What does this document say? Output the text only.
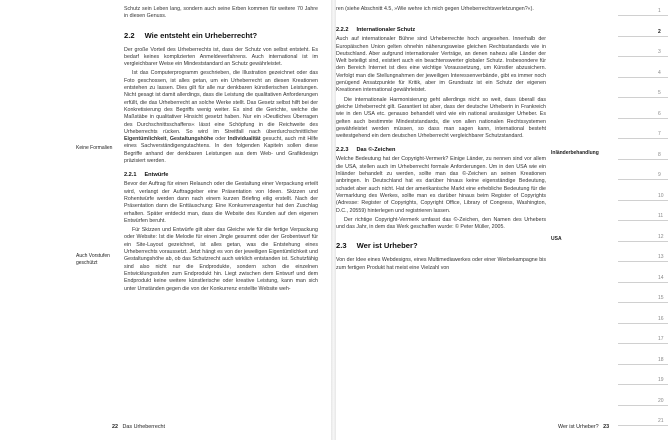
Keine Formalien
Auch Vorstufen geschützt

Schutz sein Leben lang, sondern auch seine Erben kommen für weitere 70 Jahre in diesen Genuss.

2.2 Wie entsteht ein Urheberrecht?

Der große Vorteil des Urheberrechts ist, dass der Schutz von selbst entsteht. Es bedarf keines komplizierten Anmeldeverfahrens. Auch international ist im vergleichbarer Weise ein Mindeststandard an Schutz gewährleistet.

Ist das Computerprogramm geschrieben, die Illustration gezeichnet oder das Foto geschossen, ist alles getan, um ein Urheberrecht an diesen Kreationen entstehen zu lassen. Dies gilt für alle nur denkbaren künstlerischen Leistungen. Nicht gesagt ist damit allerdings, dass die Leistung die qualitativen Anforderungen erfüllt, die das Urheberrecht an solche Werke stellt. Das Gesetz selbst hilft bei der Konkretisierung des Begriffs wenig weiter. Es sind die Gerichte, welche die Maßstäbe in qualitativer Hinsicht gesetzt haben. Nur ein »Deutliches Überragen des Durchschnittsschaffens« lässt eine Schöpfung in die Reichweite des Urheberrechts rücken. So wird im Streitfall nach überdurchschnittlicher Eigentümlichkeit, Gestaltungshöhe oder Individualität gesucht, auch mit Hilfe eines Sachverständigengutachtens. In den folgenden Kapiteln sollen diese Begriffe anhand der denkbaren Leistungen aus dem Web- und Grafikdesign präzisiert werden.

2.2.1 Entwürfe

Bevor der Auftrag für einen Relaunch oder die Gestaltung einer Verpackung erteilt wird, verlangt der Auftraggeber eine Präsentation von Ideen. Skizzen und Rohentwürfe werden dann nach einem kurzen Briefing eilig erstellt. Nach der Präsentation dann die Enttäuschung: Eine Konkurrenzagentur hat den Zuschlag erhalten. Später entdeckt man, dass die Website des Kunden auf den eigenen Entwürfen beruht.

Für Skizzen und Entwürfe gilt aber das Gleiche wie für die fertige Verpackung oder Website: Ist die Melodie für einen Jingle gesummt oder der Grobentwurf für ein Site-Layout gezeichnet, ist alles getan, was die Entstehung eines Urheberrechts voraussetzt. Jetzt hängt es von der jeweiligen Eigentümlichkeit und Gestaltungshöhe ab, ob das Schutzrecht auch wirklich entstanden ist. Schutzfähig sind also nicht nur die Endprodukte, sondern schon die einzelnen Entwicklungsstufen zum Endprodukt hin. Liegt zwischen dem Entwurf und dem Endprodukt keine weitere künstlerische oder kreative Leistung, kann man sich unter Umständen gegen die von der Konkurrenz erstellte Website weh-

22 Das Urheberrecht

ren (siehe Abschnitt 4.5, »Wie wehre ich mich gegen Urheberrechtsverletzungen?«).

2.2.2 Internationaler Schutz

Auch auf internationaler Bühne sind Urheberrechte hoch angesehen. Innerhalb der Europäischen Union gelten ohnehin näherungsweise gleichen Rechtsstandards wie in Deutschland. Aber aufgrund internationaler Verträge, an denen nahezu alle Länder der Welt beteiligt sind, existiert auch ein beachtenswerter globaler Schutz. Insbesondere für den Bereich Internet ist dies eine wichtige Voraussetzung, um Künstler abzusichern. Verfolgt man die Stellungnahmen der jeweiligen Interessenverbände, gibt es immer noch genügend Ansatzpunkte für Kritik, aber im Grundsatz ist ein Schutz der eigenen Kreationen international gewährleistet.

Die internationale Harmonisierung geht allerdings nicht so weit, dass überall das gleiche Urheberrecht gilt. Garantiert ist aber, dass der deutsche Urheberin in Frankreich wie in den USA etc. genauso behandelt wird wie ein national ansässiger Urheber. Es gelten auch bestimmte Mindeststandards, die von allen nationalen Rechtssystemen gewährleistet werden müssen, so dass man sagen kann, international besteht weitestgehend ein dem deutschen Urheberrecht vergleichbarer Schutzstandard.

2.2.3 Das ©-Zeichen

Welche Bedeutung hat der Copyright-Vermerk? Einige Länder, zu nennen sind vor allem die USA, stellen auch im Urheberrecht formale Anforderungen. Um in den USA wie ein Inländer behandelt zu werden, sollte man das ©-Zeichen an seinen Kreationen anbringen. In Deutschland hat es darüber hinaus keine eigenständige Bedeutung, schadet aber auch nicht. Hat der amerikanische Markt eine erhebliche Bedeutung für die Vermarktung des Werkes, sollte man es darüber hinaus beim Register of Copyrights (Adresse: Register of Copyrights, Copyright Office, Library of Congress, Washington, D.C., 20559) hinterlegen und registrieren lassen.

Der richtige Copyright-Vermerk umfasst das ©-Zeichen, den Namen des Urhebers und das Jahr, in dem das Werk geschaffen wurde: © Peter Müller, 2005.

2.3 Wer ist Urheber?

Von der Idee eines Webdesigns, eines Multimediawerkes oder einer Werbekampagne bis zum fertigen Produkt hat meist eine Vielzahl von

Inländerbehandlung
USA
Wer ist Urheber? 23
1
2
3
4
5
6
7
8
9
10
11
12
13
14
15
16
17
18
19
20
21
